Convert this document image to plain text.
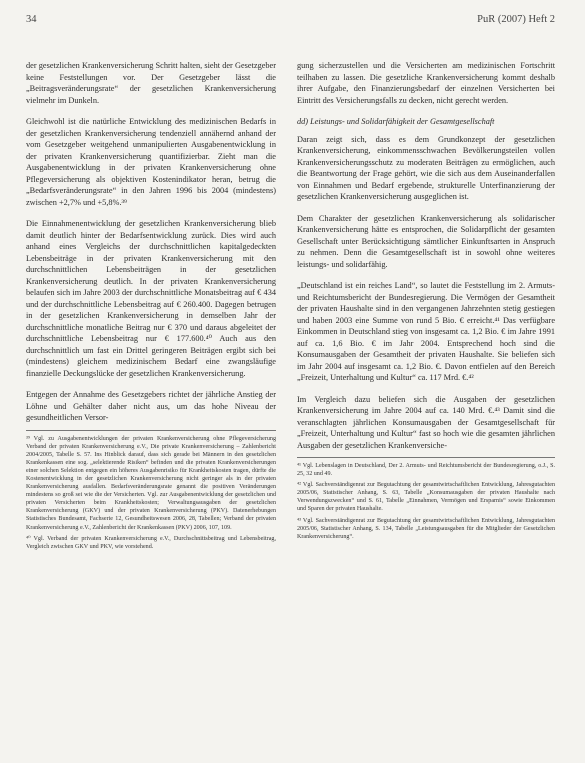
34	PuR (2007) Heft 2

der gesetzlichen Krankenversicherung Schritt halten, sieht der Gesetzgeber keine Feststellungen vor. Der Gesetzgeber lässt die „Beitragsveränderungsrate“ der gesetzlichen Krankenversicherung vielmehr im Dunkeln.

Gleichwohl ist die natürliche Entwicklung des medizinischen Bedarfs in der gesetzlichen Krankenversicherung tendenziell annähernd anhand der vom Gesetzgeber weitgehend unmanipulierten Ausgabenentwicklung in der privaten Krankenversicherung quantifizierbar. Zieht man die Ausgabenentwicklung in der privaten Krankenversicherung ohne Pflegeversicherung als objektiven Kostenindikator heran, betrug die „Bedarfsveränderungsrate“ in den Jahren 1996 bis 2004 (mindestens) zwischen +2,7% und +5,8%.³⁹

Die Einnahmenentwicklung der gesetzlichen Krankenversicherung blieb damit deutlich hinter der Bedarfsentwicklung zurück. Dies wird auch anhand eines Vergleichs der durchschnittlichen kapitalgedeckten Lebensbeiträge in der privaten Krankenversicherung mit den durchschnittlichen Lebensbeiträgen in der gesetzlichen Krankenversicherung deutlich. In der privaten Krankenversicherung belaufen sich im Jahre 2003 der durchschnittliche Monatsbeitrag auf € 434 und der durchschnittliche Lebensbeitrag auf € 260.400. Dagegen betrugen in der gesetzlichen Krankenversicherung in demselben Jahr der durchschnittliche monatliche Beitrag nur € 370 und daraus abgeleitet der durchschnittliche Lebensbeitrag nur € 177.600.⁴⁰ Auch aus den durchschnittlich um fast ein Drittel geringeren Beiträgen ergibt sich bei (mindestens) gleichem medizinischem Bedarf eine zwangsläufige finanzielle Deckungslücke der gesetzlichen Krankenversicherung.

Entgegen der Annahme des Gesetzgebers richtet der jährliche Anstieg der Löhne und Gehälter daher nicht aus, um das hohe Niveau der gesundheitlichen Versor-

³⁹ Vgl. zu Ausgabenentwicklungen der privaten Krankenversicherung ohne Pflegeversicherung Verband der privaten Krankenversicherung e.V., Die private Krankenversicherung – Zahlenbericht 2004/2005, Tabelle S. 57. Ins Hinblick darauf, dass sich gerade bei Männern in den gesetzlichen Krankenkassen eine sog. „selektierende Risiken“ befinden und die privaten Krankenversicherungen einer solchen Selektion entgegen ein höheres Ausgabenrisiko für Krankheitskosten tragen, dürfte die Kostenentwicklung in der gesetzlichen Krankenversicherung nicht geringer als in der privaten Krankenversicherung ausfallen. Bedarfsveränderungsrate genannt die positiven Veränderungen mindestens so groß sei wie die der Versicherten. Vgl. zur Ausgabenentwicklung der gesetzlichen und privaten Versicherten beim Krankheitskosten; Verwaltungsausgaben der gesetzlichen Krankenversicherung (GKV) und der privaten Krankenversicherung (PKV). Datenerhebungen Statistisches Bundesamt, Fachserie 12, Gesundheitswesen 2006, 28, Tabellen; Verband der privaten Krankenversicherung e.V., Zahlenbericht der Krankenkassen (PKV) 2006, 107, 109.

⁴⁰ Vgl. Verband der privaten Krankenversicherung e.V., Durchschnittsbeitrag und Lebensbeitrag, Vergleich zwischen GKV und PKV, wie vorstehend.

gung sicherzustellen und die Versicherten am medizinischen Fortschritt teilhaben zu lassen. Die gesetzliche Krankenversicherung kommt deshalb ihrer Aufgabe, den Finanzierungsbedarf der einzelnen Versicherten bei Eintritt des Versicherungsfalls zu decken, nicht gerecht werden.

dd) Leistungs- und Solidarfähigkeit der Gesamtgesellschaft

Daran zeigt sich, dass es dem Grundkonzept der gesetzlichen Krankenversicherung, einkommensschwachen Bevölkerungsteilen vollen Krankenversicherungsschutz zu moderaten Beiträgen zu ermöglichen, auch die Beantwortung der Frage gehört, wie die sich aus dem Auseinanderfallen von Einnahmen und Bedarf ergebende, strukturelle Unterfinanzierung der gesetzlichen Krankenversicherung ausgeglichen ist.

Dem Charakter der gesetzlichen Krankenversicherung als solidarischer Krankenversicherung hätte es entsprochen, die Solidarpflicht der gesamten Gesellschaft unter Berücksichtigung sämtlicher Einkunftsarten in Anspruch zu nehmen. Denn die Gesamtgesellschaft ist in sowohl ohne weiteres leistungs- und solidarfähig.

„Deutschland ist ein reiches Land“, so lautet die Feststellung im 2. Armuts- und Reichtumsbericht der Bundesregierung. Die Vermögen der Gesamtheit der privaten Haushalte sind in den vergangenen Jahrzehnten stetig gestiegen und haben 2003 eine Summe von rund 5 Bio. € erreicht.⁴¹ Das verfügbare Einkommen in Deutschland stieg von insgesamt ca. 1,2 Bio. € im Jahre 1991 auf ca. 1,6 Bio. € im Jahr 2004. Entsprechend hoch sind die Konsumausgaben der Gesamtheit der privaten Haushalte. Sie beliefen sich im Jahr 2004 auf insgesamt ca. 1,2 Bio. €. Davon entfielen auf den Bereich „Freizeit, Unterhaltung und Kultur“ ca. 117 Mrd. €.⁴²

Im Vergleich dazu beliefen sich die Ausgaben der gesetzlichen Krankenversicherung im Jahre 2004 auf ca. 140 Mrd. €.⁴³ Damit sind die veranschlagten jährlichen Konsumausgaben der Gesamtgesellschaft für „Freizeit, Unterhaltung und Kultur“ fast so hoch wie die gesamten jährlichen Ausgaben der gesetzlichen Krankenversiche-

⁴¹ Vgl. Lebenslagen in Deutschland, Der 2. Armuts- und Reichtumsbericht der Bundesregierung, o.J., S. 25, 32 und 49.

⁴² Vgl. Sachverständigenrat zur Begutachtung der gesamtwirtschaftlichen Entwicklung, Jahresgutachten 2005/06, Statistischer Anhang, S. 63, Tabelle „Konsumausgaben der privaten Haushalte nach Verwendungszwecken“ und S. 61, Tabelle „Einnahmen, Vermögen und Ersparnis“ sowie Einkommen und Sparen der privaten Haushalte.

⁴³ Vgl. Sachverständigenrat zur Begutachtung der gesamtwirtschaftlichen Entwicklung, Jahresgutachten 2005/06, Statistischer Anhang, S. 134, Tabelle „Leistungsausgaben für die Mitglieder der Gesetzlichen Krankenversicherung“.
